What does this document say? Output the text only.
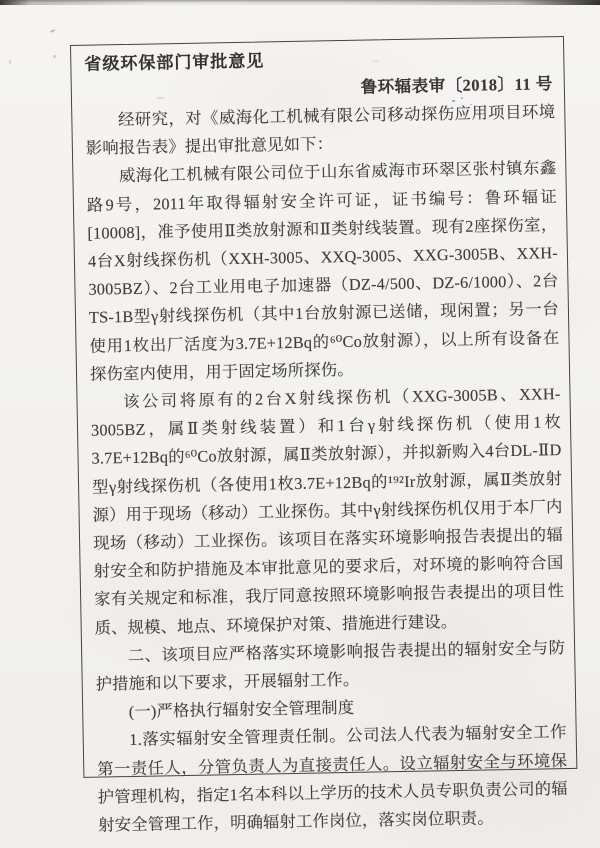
省级环保部门审批意见
鲁环辐表审〔2018〕11 号

经研究，对《威海化工机械有限公司移动探伤应用项目环境影响报告表》提出审批意见如下：

威海化工机械有限公司位于山东省威海市环翠区张村镇东鑫路9号，2011年取得辐射安全许可证，证书编号：鲁环辐证[10008]，准予使用Ⅱ类放射源和Ⅱ类射线装置。现有2座探伤室，4台X射线探伤机（XXH-3005、XXQ-3005、XXG-3005B、XXH-3005BZ）、2台工业用电子加速器（DZ-4/500、DZ-6/1000）、2台TS-1B型γ射线探伤机（其中1台放射源已送储，现闲置；另一台使用1枚出厂活度为3.7E+12Bq的⁶⁰Co放射源），以上所有设备在探伤室内使用，用于固定场所探伤。

该公司将原有的2台X射线探伤机（XXG-3005B、XXH-3005BZ，属Ⅱ类射线装置）和1台γ射线探伤机（使用1枚3.7E+12Bq的⁶⁰Co放射源，属Ⅱ类放射源），并拟新购入4台DL-ⅡD型γ射线探伤机（各使用1枚3.7E+12Bq的¹⁹²Ir放射源，属Ⅱ类放射源）用于现场（移动）工业探伤。其中γ射线探伤机仅用于本厂内现场（移动）工业探伤。该项目在落实环境影响报告表提出的辐射安全和防护措施及本审批意见的要求后，对环境的影响符合国家有关规定和标准，我厅同意按照环境影响报告表提出的项目性质、规模、地点、环境保护对策、措施进行建设。

二、该项目应严格落实环境影响报告表提出的辐射安全与防护措施和以下要求，开展辐射工作。

(一)严格执行辐射安全管理制度

1.落实辐射安全管理责任制。公司法人代表为辐射安全工作第一责任人，分管负责人为直接责任人。设立辐射安全与环境保护管理机构，指定1名本科以上学历的技术人员专职负责公司的辐射安全管理工作，明确辐射工作岗位，落实岗位职责。
